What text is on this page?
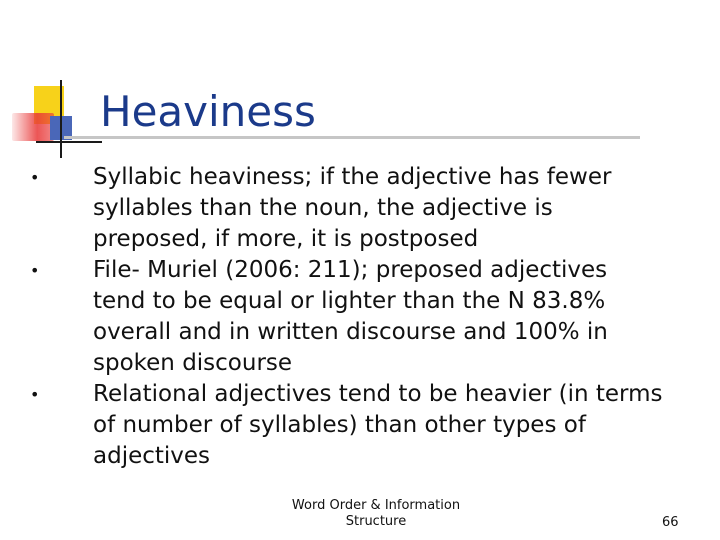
Heaviness
• Syllabic heaviness; if the adjective has fewer syllables than the noun, the adjective is preposed, if more, it is postposed
• File- Muriel (2006: 211); preposed adjectives tend to be equal or lighter than the N 83.8% overall and in written discourse and 100% in spoken discourse
• Relational adjectives tend to be heavier (in terms of number of syllables) than other types of adjectives
Word Order & Information
Structure	66
